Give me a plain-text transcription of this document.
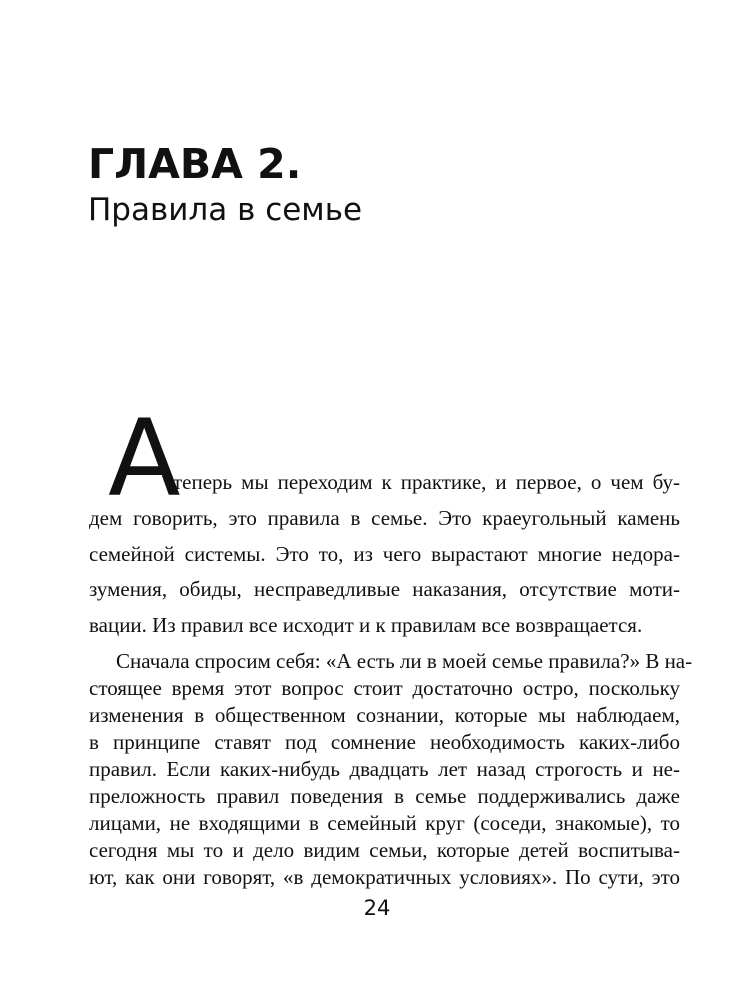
ГЛАВА 2.
Правила в семье
А
теперь мы переходим к практике, и первое, о чем бу-
дем говорить, это правила в семье. Это краеугольный камень
семейной системы. Это то, из чего вырастают многие недора-
зумения, обиды, несправедливые наказания, отсутствие моти-
вации. Из правил все исходит и к правилам все возвращается.
Сначала спросим себя: «А есть ли в моей семье правила?» В на-
стоящее время этот вопрос стоит достаточно остро, поскольку
изменения в общественном сознании, которые мы наблюдаем,
в принципе ставят под сомнение необходимость каких-либо
правил. Если каких-нибудь двадцать лет назад строгость и не-
преложность правил поведения в семье поддерживались даже
лицами, не входящими в семейный круг (соседи, знакомые), то
24
сегодня мы то и дело видим семьи, которые детей воспитыва-
ют, как они говорят, «в демократичных условиях». По сути, это
